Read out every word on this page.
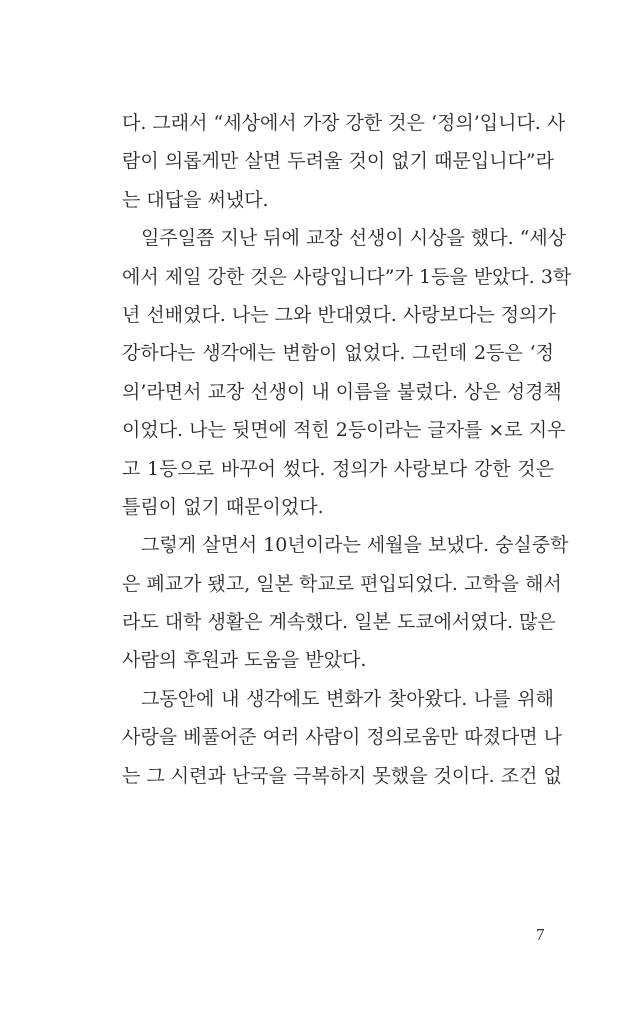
다. 그래서 “세상에서 가장 강한 것은 ‘정의’입니다. 사
람이 의롭게만 살면 두려울 것이 없기 때문입니다”라
는 대답을 써냈다.
일주일쯤 지난 뒤에 교장 선생이 시상을 했다. “세상
에서 제일 강한 것은 사랑입니다”가 1등을 받았다. 3학
년 선배였다. 나는 그와 반대였다. 사랑보다는 정의가
강하다는 생각에는 변함이 없었다. 그런데 2등은 ‘정
의’라면서 교장 선생이 내 이름을 불렀다. 상은 성경책
이었다. 나는 뒷면에 적힌 2등이라는 글자를 ×로 지우
고 1등으로 바꾸어 썼다. 정의가 사랑보다 강한 것은
틀림이 없기 때문이었다.
그렇게 살면서 10년이라는 세월을 보냈다. 숭실중학
은 폐교가 됐고, 일본 학교로 편입되었다. 고학을 해서
라도 대학 생활은 계속했다. 일본 도쿄에서였다. 많은
사람의 후원과 도움을 받았다.
그동안에 내 생각에도 변화가 찾아왔다. 나를 위해
사랑을 베풀어준 여러 사람이 정의로움만 따졌다면 나
는 그 시련과 난국을 극복하지 못했을 것이다. 조건 없
7
